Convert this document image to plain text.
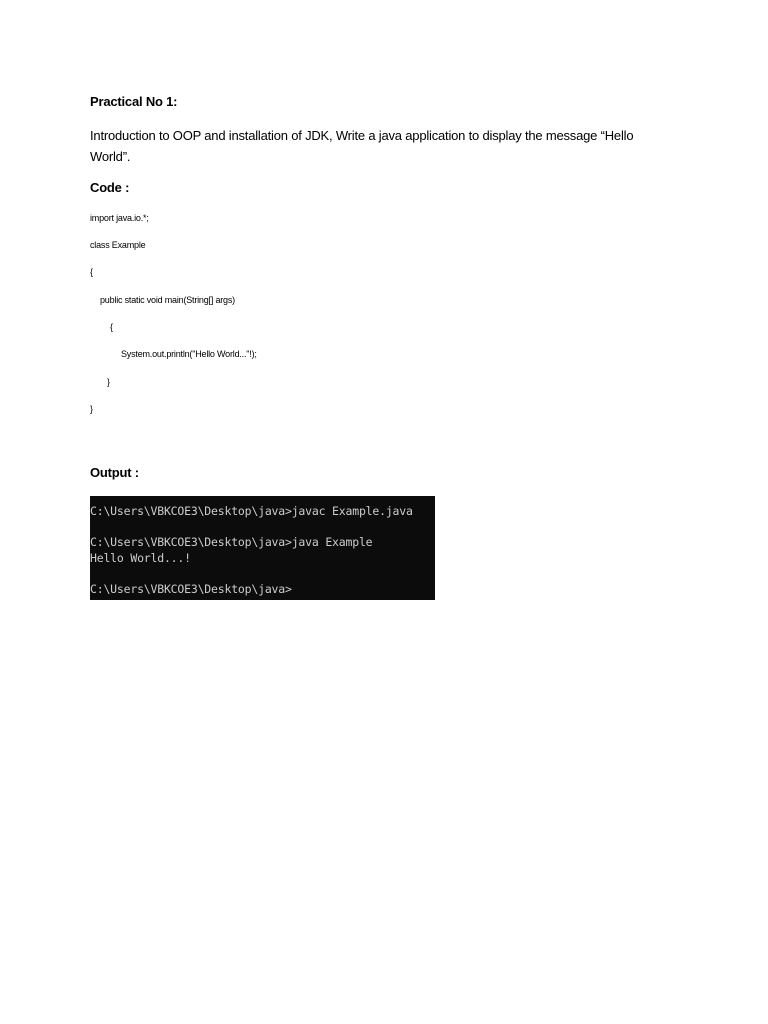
Practical No 1:
Introduction to OOP and installation of JDK, Write a java application to display the message “Hello World”.
Code :
import java.io.*;
class Example
{
public static void main(String[] args)
{
System.out.println("Hello World..."!);
}
}
Output :
C:\Users\VBKCOE3\Desktop\java>javac Example.java
C:\Users\VBKCOE3\Desktop\java>java Example
Hello World...!
C:\Users\VBKCOE3\Desktop\java>
